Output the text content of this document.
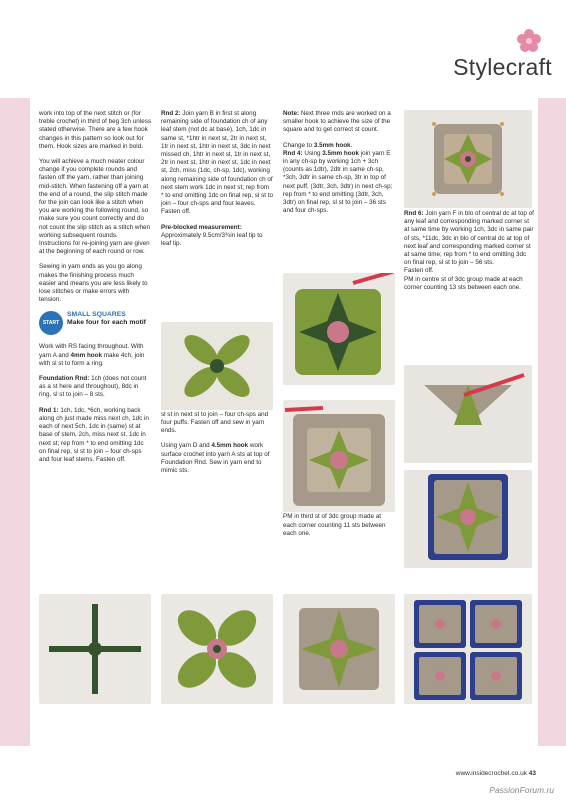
Stylecraft

work into top of the next stitch or (for treble crochet) in third of beg 3ch unless stated otherwise. There are a few hook changes in this pattern so look out for them. Hook sizes are marked in bold.

You will achieve a much neater colour change if you complete rounds and fasten off the yarn, rather than joining mid-stitch. When fastening off a yarn at the end of a round, the slip stitch made for the join can look like a stitch when you are working the following round, so make sure you count correctly and do not count the slip stitch as a stitch when working subsequent rounds. Instructions for re-joining yarn are given at the beginning of each round or row.

Sewing in yarn ends as you go along makes the finishing process much easier and means you are less likely to lose stitches or make errors with tension.

START
SMALL SQUARES
Make four for each motif

Work with RS facing throughout. With yarn A and 4mm hook make 4ch, join with sl st to form a ring.

Foundation Rnd: 1ch (does not count as a st here and throughout), 8dc in ring, sl st to join – 8 sts.

Rnd 1: 1ch, 1dc, *6ch, working back along ch just made miss next ch, 1dc in each of next 5ch, 1dc in (same) st at base of stem, 2ch, miss next st, 1dc in next st; rep from * to end omitting 1dc on final rep, sl st to join – four ch-sps and four leaf stems. Fasten off.

Rnd 2: Join yarn B in first st along remaining side of foundation ch of any leaf stem (not dc at base), 1ch, 1dc in same st, *1htr in next st, 2tr in next st, 1tr in next st, 1htr in next st, 3dc in next missed ch, 1htr in next st, 1tr in next st, 2tr in next st, 1htr in next st, 1dc in next st, 2ch, miss (1dc, ch-sp, 1dc), working along remaining side of foundation ch of next stem work 1dc in next st; rep from * to end omitting 1dc on final rep, sl st to join – four ch-sps and four leaves. Fasten off.

Pre-blocked measurement: Approximately 9.5cm/3¾in leaf tip to leaf tip.

sl st in next st to join – four ch-sps and four puffs. Fasten off and sew in yarn ends.

Using yarn D and 4.5mm hook work surface crochet into yarn A sts at top of Foundation Rnd. Sew in yarn end to mimic sts.

Note: Next three rnds are worked on a smaller hook to achieve the size of the square and to get correct st count.

Change to 3.5mm hook.
Rnd 4: Using 3.5mm hook join yarn E in any ch-sp by working 1ch + 3ch (counts as 1dtr), 2dtr in same ch-sp, *3ch, 3dtr in same ch-sp, 3tr in top of next puff, (3dtr, 3ch, 3dtr) in next ch-sp; rep from * to end omitting (3dtr, 3ch, 3dtr) on final rep, sl st to join – 36 sts and four ch-sps.

PM in third st of 3dc group made at each corner counting 11 sts between each one.

Rnd 6: Join yarn F in blo of central dc at top of any leaf and corresponding marked corner st at same time by working 1ch, 3dc in same pair of sts, *11dc, 3dc in blo of central dc at top of next leaf and corresponding marked corner st at same time; rep from * to end omitting 3dc on final rep, sl st to join – 56 sts.
Fasten off.
PM in centre st of 3dc group made at each corner counting 13 sts between each one.

www.insidecrochet.co.uk 43
PassionForum.ru
